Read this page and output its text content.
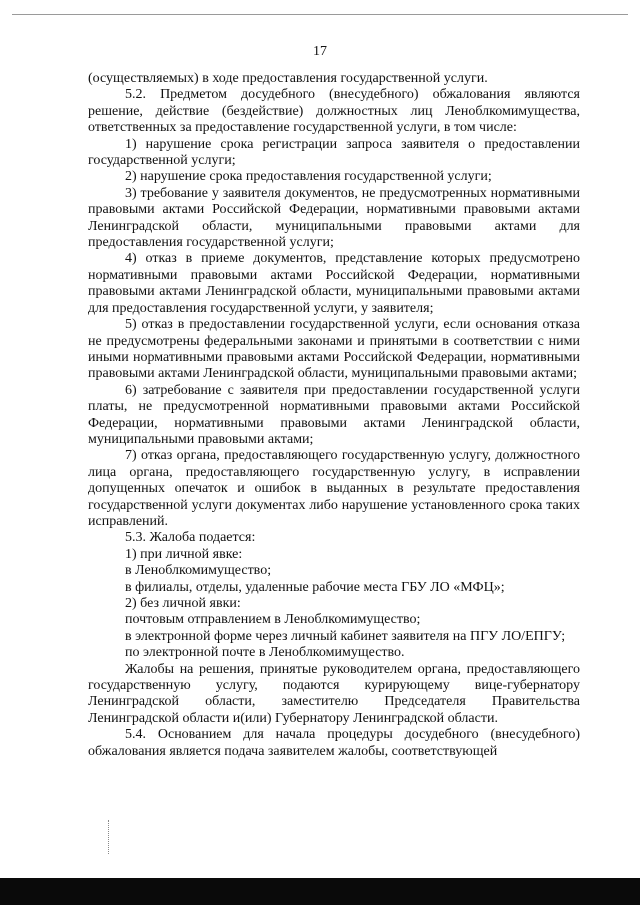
17

(осуществляемых) в ходе предоставления государственной услуги.

5.2. Предметом досудебного (внесудебного) обжалования являются решение, действие (бездействие) должностных лиц Леноблкомимущества, ответственных за предоставление государственной услуги, в том числе:

1) нарушение срока регистрации запроса заявителя о предоставлении государственной услуги;

2) нарушение срока предоставления государственной услуги;

3) требование у заявителя документов, не предусмотренных нормативными правовыми актами Российской Федерации, нормативными правовыми актами Ленинградской области, муниципальными правовыми актами для предоставления государственной услуги;

4) отказ в приеме документов, представление которых предусмотрено нормативными правовыми актами Российской Федерации, нормативными правовыми актами Ленинградской области, муниципальными правовыми актами для предоставления государственной услуги, у заявителя;

5) отказ в предоставлении государственной услуги, если основания отказа не предусмотрены федеральными законами и принятыми в соответствии с ними иными нормативными правовыми актами Российской Федерации, нормативными правовыми актами Ленинградской области, муниципальными правовыми актами;

6) затребование с заявителя при предоставлении государственной услуги платы, не предусмотренной нормативными правовыми актами Российской Федерации, нормативными правовыми актами Ленинградской области, муниципальными правовыми актами;

7) отказ органа, предоставляющего государственную услугу, должностного лица органа, предоставляющего государственную услугу, в исправлении допущенных опечаток и ошибок в выданных в результате предоставления государственной услуги документах либо нарушение установленного срока таких исправлений.

5.3. Жалоба подается:

1) при личной явке:

в Леноблкомимущество;

в филиалы, отделы, удаленные рабочие места ГБУ ЛО «МФЦ»;

2) без личной явки:

почтовым отправлением в Леноблкомимущество;

в электронной форме через личный кабинет заявителя на ПГУ ЛО/ЕПГУ;

по электронной почте в Леноблкомимущество.

Жалобы на решения, принятые руководителем органа, предоставляющего государственную услугу, подаются курирующему вице-губернатору Ленинградской области, заместителю Председателя Правительства Ленинградской области и(или) Губернатору Ленинградской области.

5.4. Основанием для начала процедуры досудебного (внесудебного) обжалования является подача заявителем жалобы, соответствующей
